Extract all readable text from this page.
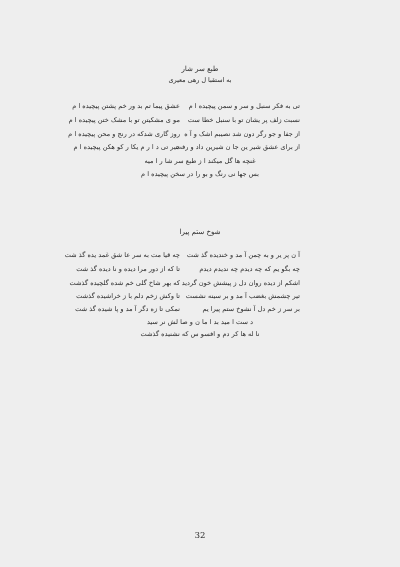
طبع سر شار
به استقبا ل رهی معیری
تی به فکر سنبل و سر و سمن پیچیده ا م
عشق پیما تم بد ور خم پشتن پیچیده ا م
نسبت زلف پر یشان تو با سنبل خطا ست
مو ی مشکیتن تو با مشک ختن پیچیده ا م
از جفا و جو رگر دون شد نصیبم اشک و آ ه
روز گاری شدکه در رنج و محن پیچیده ا م
از برای عشق شیر ین جا ن شیرین داد و رفت
حیر تی د ا ر م یکا ر کو هکن پیچیده ا م
غنچه ها گل میکند ا ز طبع سر شا ر ا میه
بس جها نی رنگ و بو را در سخن پیچیده ا م
شوخ ستم پیرا
آ ن پر یر و به چمن آ مد و خندیده گذ شت
چه قیا مت به سر عا شق غمد یده گذ شت
چه بگو یم که چه دیدم چه ندیدم دیدم
تا که از دور مرا دیده و نا دیده گذ شت
اشکم از دیده روان دل ز پیشش خون گردید
که بهر شاخ گلی خم شده گلچیده گذشت
تیر چشمش بغضب آ مد و بر سینه نشست
تا وکش زخم دلم با ز خراشیده گذشت
بر سر ز خم دل آ نشوخ ستم پیرا یم
نمکی تا زه دگر آ مد و پا شیده گذ شت
د ست ا مید بد ا ما ن و صا لش نر سید
نا له ها کر دم و افسو س که نشنیده گذشت
32
